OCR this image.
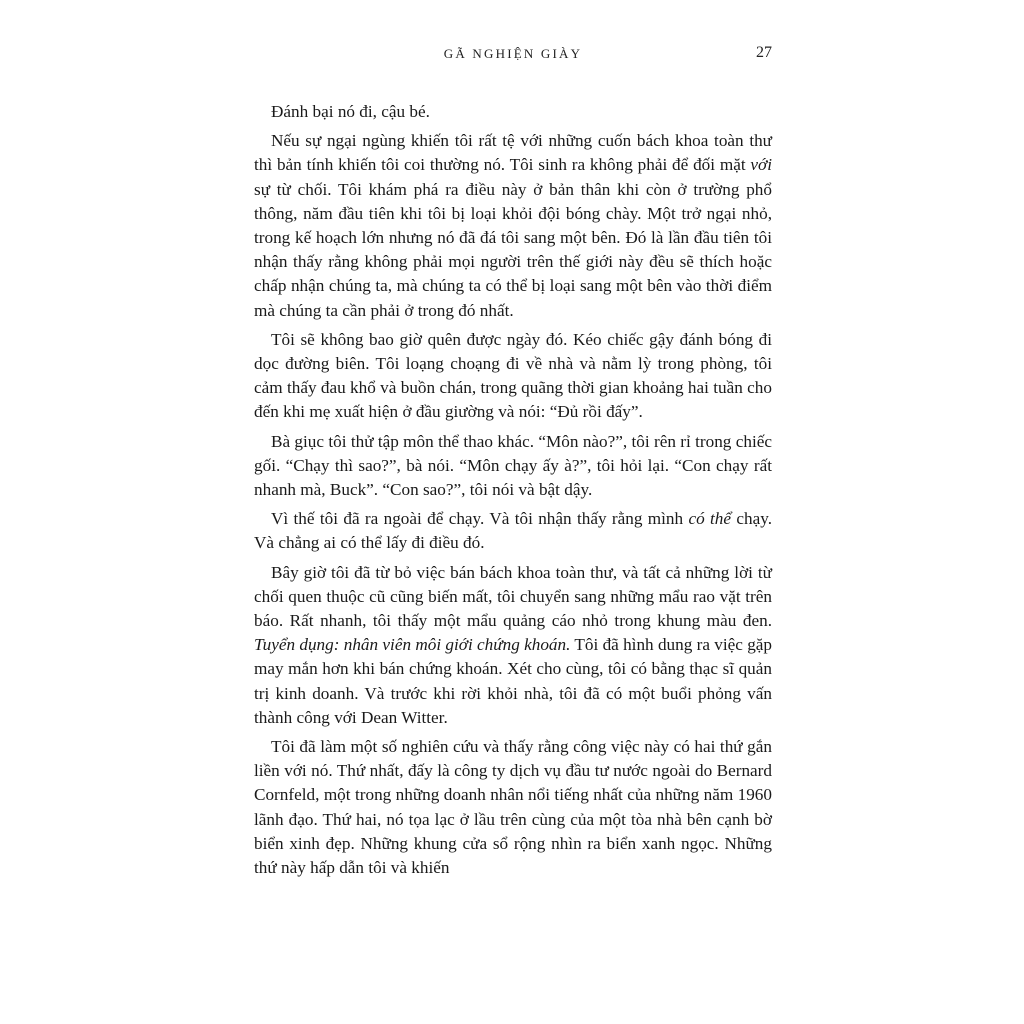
GÃ NGHIỆN GIÀY	27

Đánh bại nó đi, cậu bé.

Nếu sự ngại ngùng khiến tôi rất tệ với những cuốn bách khoa toàn thư thì bản tính khiến tôi coi thường nó. Tôi sinh ra không phải để đối mặt với sự từ chối. Tôi khám phá ra điều này ở bản thân khi còn ở trường phổ thông, năm đầu tiên khi tôi bị loại khỏi đội bóng chày. Một trở ngại nhỏ, trong kế hoạch lớn nhưng nó đã đá tôi sang một bên. Đó là lần đầu tiên tôi nhận thấy rằng không phải mọi người trên thế giới này đều sẽ thích hoặc chấp nhận chúng ta, mà chúng ta có thể bị loại sang một bên vào thời điểm mà chúng ta cần phải ở trong đó nhất.

Tôi sẽ không bao giờ quên được ngày đó. Kéo chiếc gậy đánh bóng đi dọc đường biên. Tôi loạng choạng đi về nhà và nằm lỳ trong phòng, tôi cảm thấy đau khổ và buồn chán, trong quãng thời gian khoảng hai tuần cho đến khi mẹ xuất hiện ở đầu giường và nói: “Đủ rồi đấy”.

Bà giục tôi thử tập môn thể thao khác. “Môn nào?”, tôi rên rỉ trong chiếc gối. “Chạy thì sao?”, bà nói. “Môn chạy ấy à?”, tôi hỏi lại. “Con chạy rất nhanh mà, Buck”. “Con sao?”, tôi nói và bật dậy.

Vì thế tôi đã ra ngoài để chạy. Và tôi nhận thấy rằng mình có thể chạy. Và chẳng ai có thể lấy đi điều đó.

Bây giờ tôi đã từ bỏ việc bán bách khoa toàn thư, và tất cả những lời từ chối quen thuộc cũ cũng biến mất, tôi chuyển sang những mẩu rao vặt trên báo. Rất nhanh, tôi thấy một mẩu quảng cáo nhỏ trong khung màu đen. Tuyển dụng: nhân viên môi giới chứng khoán. Tôi đã hình dung ra việc gặp may mắn hơn khi bán chứng khoán. Xét cho cùng, tôi có bằng thạc sĩ quản trị kinh doanh. Và trước khi rời khỏi nhà, tôi đã có một buổi phỏng vấn thành công với Dean Witter.

Tôi đã làm một số nghiên cứu và thấy rằng công việc này có hai thứ gắn liền với nó. Thứ nhất, đấy là công ty dịch vụ đầu tư nước ngoài do Bernard Cornfeld, một trong những doanh nhân nổi tiếng nhất của những năm 1960 lãnh đạo. Thứ hai, nó tọa lạc ở lầu trên cùng của một tòa nhà bên cạnh bờ biển xinh đẹp. Những khung cửa sổ rộng nhìn ra biển xanh ngọc. Những thứ này hấp dẫn tôi và khiến
